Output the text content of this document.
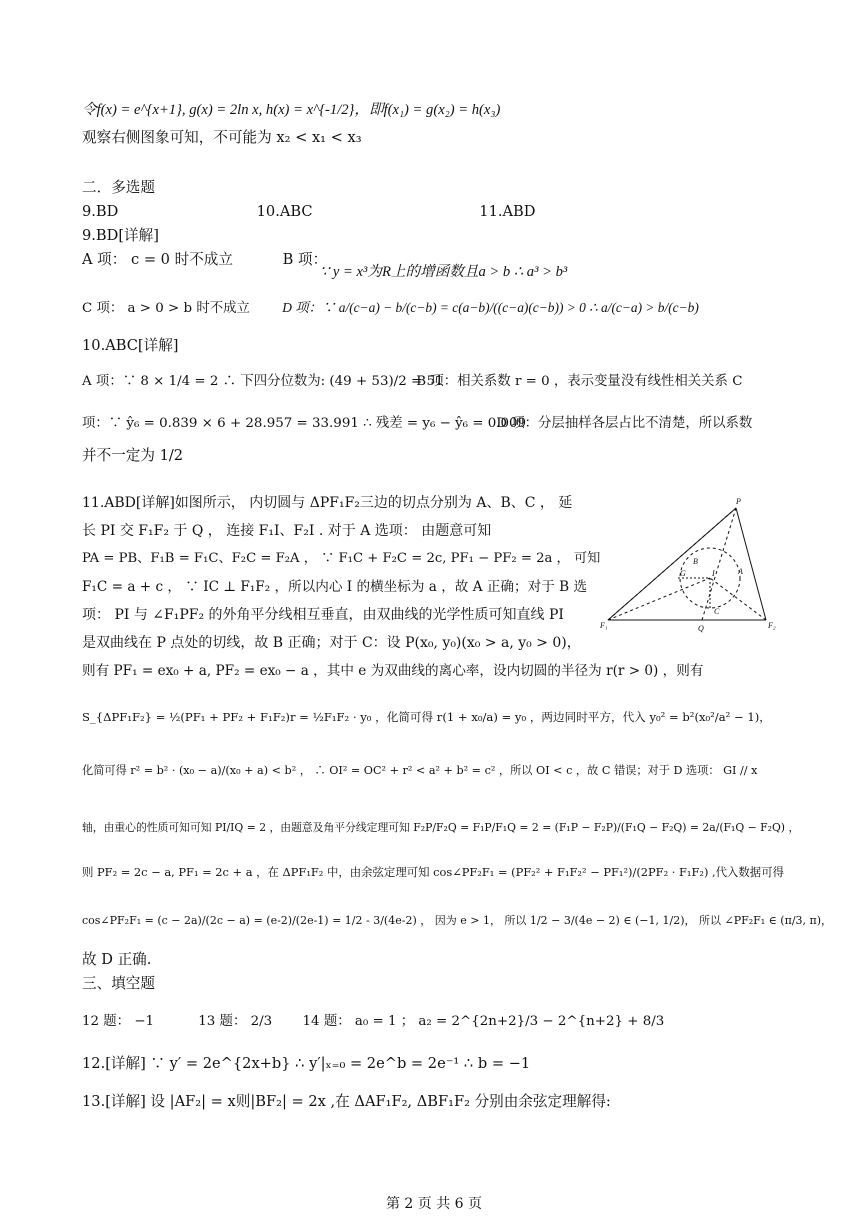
令f(x) = e^{x+1}, g(x) = 2ln x, h(x) = x^{-1/2}，即f(x₁) = g(x₂) = h(x₃)
观察右侧图象可知，不可能为 x₂ < x₁ < x₃
二．多选题
9.BD	10.ABC	11.ABD
9.BD[详解]
A 项： c = 0 时不成立	B 项：
∵ y = x³为R上的增函数且a > b ∴ a³ > b³
C 项： a > 0 > b 时不成立 D 项：∵ a/(c−a) − b/(c−b) = c(a−b)/((c−a)(c−b)) > 0 ∴ a/(c−a) > b/(c−b)
10.ABC[详解]
A 项：∵ 8 × 1/4 = 2 ∴ 下四分位数为: (49 + 53)/2 = 51 B 项：相关系数 r = 0 ，表示变量没有线性相关关系 C
项：∵ ŷ₆ = 0.839 × 6 + 28.957 = 33.991 ∴ 残差 = y₆ − ŷ₆ = 0.009 D 项：分层抽样各层占比不清楚，所以系数
并不一定为 1/2
11.ABD[详解]如图所示， 内切圆与 ΔPF₁F₂三边的切点分别为 A、B、C ， 延
长 PI 交 F₁F₂ 于 Q ， 连接 F₁I、F₂I . 对于 A 选项： 由题意可知
PA = PB、F₁B = F₁C、F₂C = F₂A ， ∵ F₁C + F₂C = 2c, PF₁ − PF₂ = 2a ， 可知
F₁C = a + c ， ∵ IC ⊥ F₁F₂ ，所以内心 I 的横坐标为 a ，故 A 正确；对于 B 选
项： PI 与 ∠F₁PF₂ 的外角平分线相互垂直，由双曲线的光学性质可知直线 PI
是双曲线在 P 点处的切线，故 B 正确；对于 C：设 P(x₀, y₀)(x₀ > a, y₀ > 0)，
则有 PF₁ = ex₀ + a, PF₂ = ex₀ − a ，其中 e 为双曲线的离心率，设内切圆的半径为 r(r > 0) ，则有
S_{ΔPF₁F₂} = ½(PF₁ + PF₂ + F₁F₂)r = ½F₁F₂ · y₀ ，化简可得 r(1 + x₀/a) = y₀ ，两边同时平方，代入 y₀² = b²(x₀²/a² − 1)，
化简可得 r² = b² · (x₀ − a)/(x₀ + a) < b² ， ∴ OI² = OC² + r² < a² + b² = c² ，所以 OI < c ，故 C 错误；对于 D 选项： GI // x
轴，由重心的性质可知可知 PI/IQ = 2 ，由题意及角平分线定理可知 F₂P/F₂Q = F₁P/F₁Q = 2 = (F₁P − F₂P)/(F₁Q − F₂Q) = 2a/(F₁Q − F₂Q) ，
则 PF₂ = 2c − a, PF₁ = 2c + a ，在 ΔPF₁F₂ 中，由余弦定理可知 cos∠PF₂F₁ = (PF₂² + F₁F₂² − PF₁²)/(2PF₂ · F₁F₂) ,代入数据可得
cos∠PF₂F₁ = (c − 2a)/(2c − a) = (e-2)/(2e-1) = 1/2 - 3/(4e-2) ， 因为 e > 1， 所以 1/2 − 3/(4e − 2) ∈ (−1, 1/2)， 所以 ∠PF₂F₁ ∈ (π/3, π)，
故 D 正确.
三、填空题
12 题： −1	13 题： 2/3 14 题： a₀ = 1 ； a₂ = 2^{2n+2}/3 − 2^{n+2} + 8/3
12.[详解] ∵ y′ = 2e^{2x+b} ∴ y′|ₓ₌₀ = 2e^b = 2e⁻¹ ∴ b = −1
13.[详解] 设 |AF₂| = x则|BF₂| = 2x ,在 ΔAF₁F₂, ΔBF₁F₂ 分别由余弦定理解得:
P
F₁	F₂
Q
A
B
C
I
G
第 2 页 共 6 页
